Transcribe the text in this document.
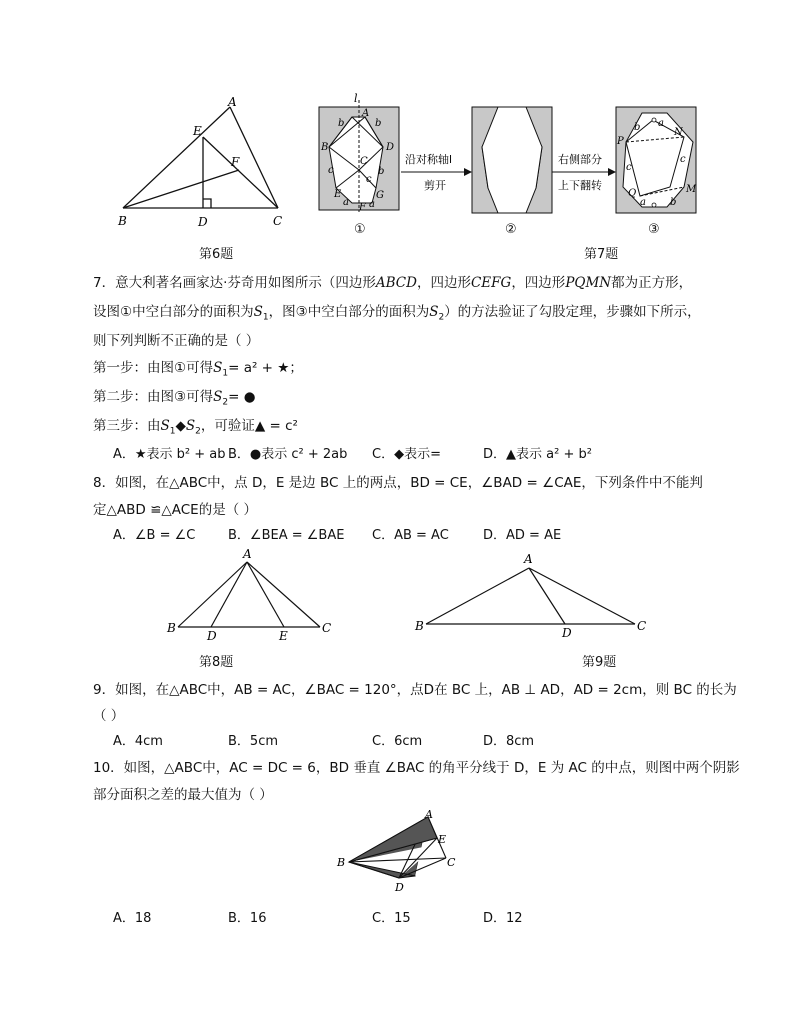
A
E
F
B	D	C
第6题
l
A
B
C
D
E
F
G
b	b
b
c
c
a a
沿对称轴l
剪开
右侧部分
上下翻转
P
N
Q	M
b a
c
c
a b
①	②	③
第7题
7．意大利著名画家达·芬奇用如图所示（四边形ABCD，四边形CEFG，四边形PQMN都为正方形，
设图①中空白部分的面积为$S_1$，图③中空白部分的面积为$S_2$）的方法验证了勾股定理，步骤如下所示，
则下列判断不正确的是（ ）
第一步：由图①可得$S_1= a^2$ + ★；
第二步：由图③可得$S_2=$ ●
第三步：由$S_1◆S_2$，可验证▲ = c²
A．★表示 b² + ab B．●表示 c² + 2ab C．◆表示=	D．▲表示 a² + b²
8．如图，在△ABC中，点 D，E 是边 BC 上的两点，BD = CE，∠BAD = ∠CAE，下列条件中不能判
定△ABD ≌△ACE的是（ ）
A．∠B = ∠C	B．∠BEA = ∠BAE C．AB = AC	D．AD = AE
A
B
D	E
C
第8题
A
B	D	C
第9题
9．如图，在△ABC中，AB = AC，∠BAC = 120°，点D在 BC 上，AB ⊥ AD，AD = 2cm，则 BC 的长为
（ ）
A．4cm	B．5cm	C．6cm	D．8cm
10．如图，△ABC中，AC = DC = 6，BD 垂直 ∠BAC 的角平分线于 D，E 为 AC 的中点，则图中两个阴影
部分面积之差的最大值为（ ）
A
E
B	C
D
A．18	B．16	C．15	D．12
